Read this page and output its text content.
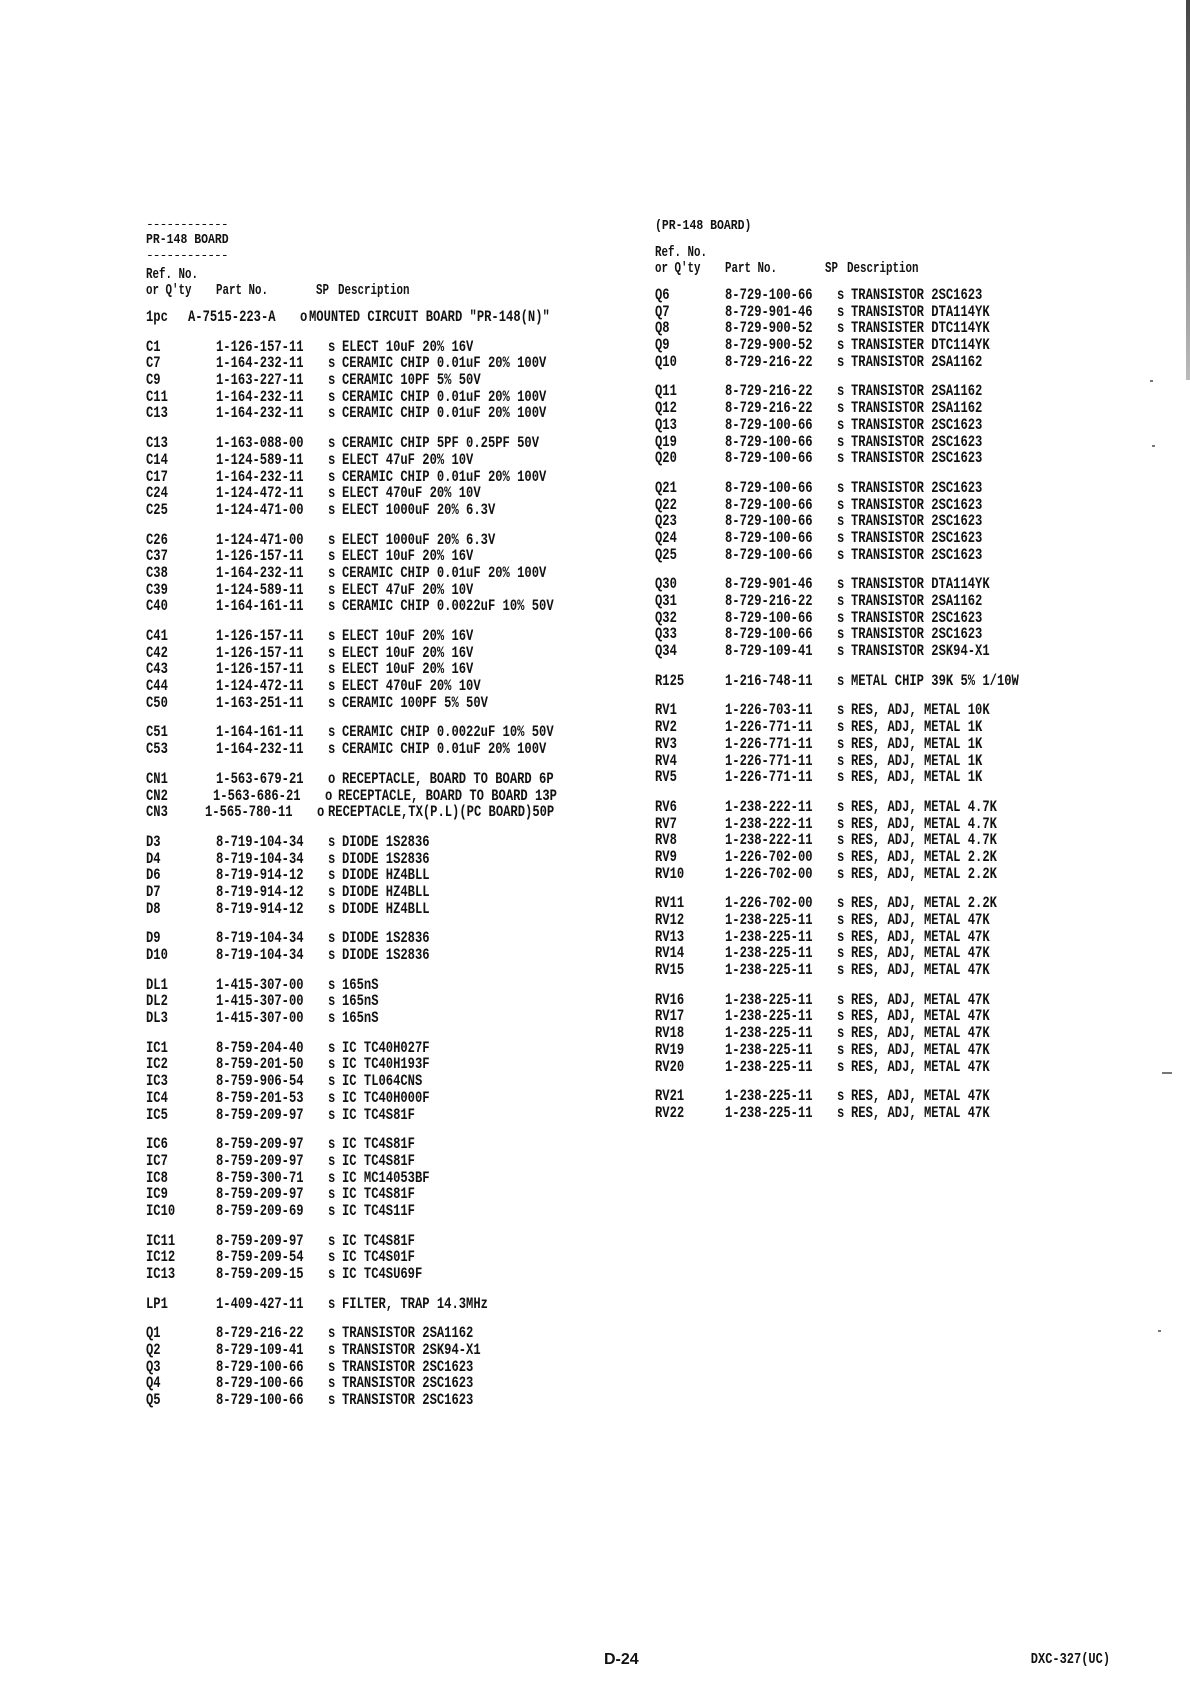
------------
PR-148 BOARD
------------
Ref. No.
or Q'ty	Part No.	SP Description
1pc	A-7515-223-A o MOUNTED CIRCUIT BOARD "PR-148(N)"
C1	1-126-157-11 s ELECT 10uF 20% 16V
C7	1-164-232-11 s CERAMIC CHIP 0.01uF 20% 100V
C9	1-163-227-11 s CERAMIC 10PF 5% 50V
C11	1-164-232-11 s CERAMIC CHIP 0.01uF 20% 100V
C13	1-164-232-11 s CERAMIC CHIP 0.01uF 20% 100V
C13	1-163-088-00 s CERAMIC CHIP 5PF 0.25PF 50V
C14	1-124-589-11 s ELECT 47uF 20% 10V
C17	1-164-232-11 s CERAMIC CHIP 0.01uF 20% 100V
C24	1-124-472-11 s ELECT 470uF 20% 10V
C25	1-124-471-00 s ELECT 1000uF 20% 6.3V
C26	1-124-471-00 s ELECT 1000uF 20% 6.3V
C37	1-126-157-11 s ELECT 10uF 20% 16V
C38	1-164-232-11 s CERAMIC CHIP 0.01uF 20% 100V
C39	1-124-589-11 s ELECT 47uF 20% 10V
C40	1-164-161-11 s CERAMIC CHIP 0.0022uF 10% 50V
C41	1-126-157-11 s ELECT 10uF 20% 16V
C42	1-126-157-11 s ELECT 10uF 20% 16V
C43	1-126-157-11 s ELECT 10uF 20% 16V
C44	1-124-472-11 s ELECT 470uF 20% 10V
C50	1-163-251-11 s CERAMIC 100PF 5% 50V
C51	1-164-161-11 s CERAMIC CHIP 0.0022uF 10% 50V
C53	1-164-232-11 s CERAMIC CHIP 0.01uF 20% 100V
CN1	1-563-679-21 o RECEPTACLE, BOARD TO BOARD 6P
CN2	1-563-686-21 o RECEPTACLE, BOARD TO BOARD 13P
CN3	1-565-780-11 o RECEPTACLE,TX(P.L)(PC BOARD)50P
D3	8-719-104-34 s DIODE 1S2836
D4	8-719-104-34 s DIODE 1S2836
D6	8-719-914-12 s DIODE HZ4BLL
D7	8-719-914-12 s DIODE HZ4BLL
D8	8-719-914-12 s DIODE HZ4BLL
D9	8-719-104-34 s DIODE 1S2836
D10	8-719-104-34 s DIODE 1S2836
DL1	1-415-307-00 s 165nS
DL2	1-415-307-00 s 165nS
DL3	1-415-307-00 s 165nS
IC1	8-759-204-40 s IC TC40H027F
IC2	8-759-201-50 s IC TC40H193F
IC3	8-759-906-54 s IC TL064CNS
IC4	8-759-201-53 s IC TC40H000F
IC5	8-759-209-97 s IC TC4S81F
IC6	8-759-209-97 s IC TC4S81F
IC7	8-759-209-97 s IC TC4S81F
IC8	8-759-300-71 s IC MC14053BF
IC9	8-759-209-97 s IC TC4S81F
IC10	8-759-209-69 s IC TC4S11F
IC11	8-759-209-97 s IC TC4S81F
IC12	8-759-209-54 s IC TC4S01F
IC13	8-759-209-15 s IC TC4SU69F
LP1	1-409-427-11 s FILTER, TRAP 14.3MHz
Q1	8-729-216-22 s TRANSISTOR 2SA1162
Q2	8-729-109-41 s TRANSISTOR 2SK94-X1
Q3	8-729-100-66 s TRANSISTOR 2SC1623
Q4	8-729-100-66 s TRANSISTOR 2SC1623
Q5	8-729-100-66 s TRANSISTOR 2SC1623
(PR-148 BOARD)
Ref. No.
or Q'ty	Part No.	SP Description
Q6	8-729-100-66 s TRANSISTOR 2SC1623
Q7	8-729-901-46 s TRANSISTOR DTA114YK
Q8	8-729-900-52 s TRANSISTER DTC114YK
Q9	8-729-900-52 s TRANSISTER DTC114YK
Q10	8-729-216-22 s TRANSISTOR 2SA1162
Q11	8-729-216-22 s TRANSISTOR 2SA1162
Q12	8-729-216-22 s TRANSISTOR 2SA1162
Q13	8-729-100-66 s TRANSISTOR 2SC1623
Q19	8-729-100-66 s TRANSISTOR 2SC1623
Q20	8-729-100-66 s TRANSISTOR 2SC1623
Q21	8-729-100-66 s TRANSISTOR 2SC1623
Q22	8-729-100-66 s TRANSISTOR 2SC1623
Q23	8-729-100-66 s TRANSISTOR 2SC1623
Q24	8-729-100-66 s TRANSISTOR 2SC1623
Q25	8-729-100-66 s TRANSISTOR 2SC1623
Q30	8-729-901-46 s TRANSISTOR DTA114YK
Q31	8-729-216-22 s TRANSISTOR 2SA1162
Q32	8-729-100-66 s TRANSISTOR 2SC1623
Q33	8-729-100-66 s TRANSISTOR 2SC1623
Q34	8-729-109-41 s TRANSISTOR 2SK94-X1
R125	1-216-748-11 s METAL CHIP 39K 5% 1/10W
RV1	1-226-703-11 s RES, ADJ, METAL 10K
RV2	1-226-771-11 s RES, ADJ, METAL 1K
RV3	1-226-771-11 s RES, ADJ, METAL 1K
RV4	1-226-771-11 s RES, ADJ, METAL 1K
RV5	1-226-771-11 s RES, ADJ, METAL 1K
RV6	1-238-222-11 s RES, ADJ, METAL 4.7K
RV7	1-238-222-11 s RES, ADJ, METAL 4.7K
RV8	1-238-222-11 s RES, ADJ, METAL 4.7K
RV9	1-226-702-00 s RES, ADJ, METAL 2.2K
RV10	1-226-702-00 s RES, ADJ, METAL 2.2K
RV11	1-226-702-00 s RES, ADJ, METAL 2.2K
RV12	1-238-225-11 s RES, ADJ, METAL 47K
RV13	1-238-225-11 s RES, ADJ, METAL 47K
RV14	1-238-225-11 s RES, ADJ, METAL 47K
RV15	1-238-225-11 s RES, ADJ, METAL 47K
RV16	1-238-225-11 s RES, ADJ, METAL 47K
RV17	1-238-225-11 s RES, ADJ, METAL 47K
RV18	1-238-225-11 s RES, ADJ, METAL 47K
RV19	1-238-225-11 s RES, ADJ, METAL 47K
RV20	1-238-225-11 s RES, ADJ, METAL 47K
RV21	1-238-225-11 s RES, ADJ, METAL 47K
RV22	1-238-225-11 s RES, ADJ, METAL 47K
D-24	DXC-327(UC)
